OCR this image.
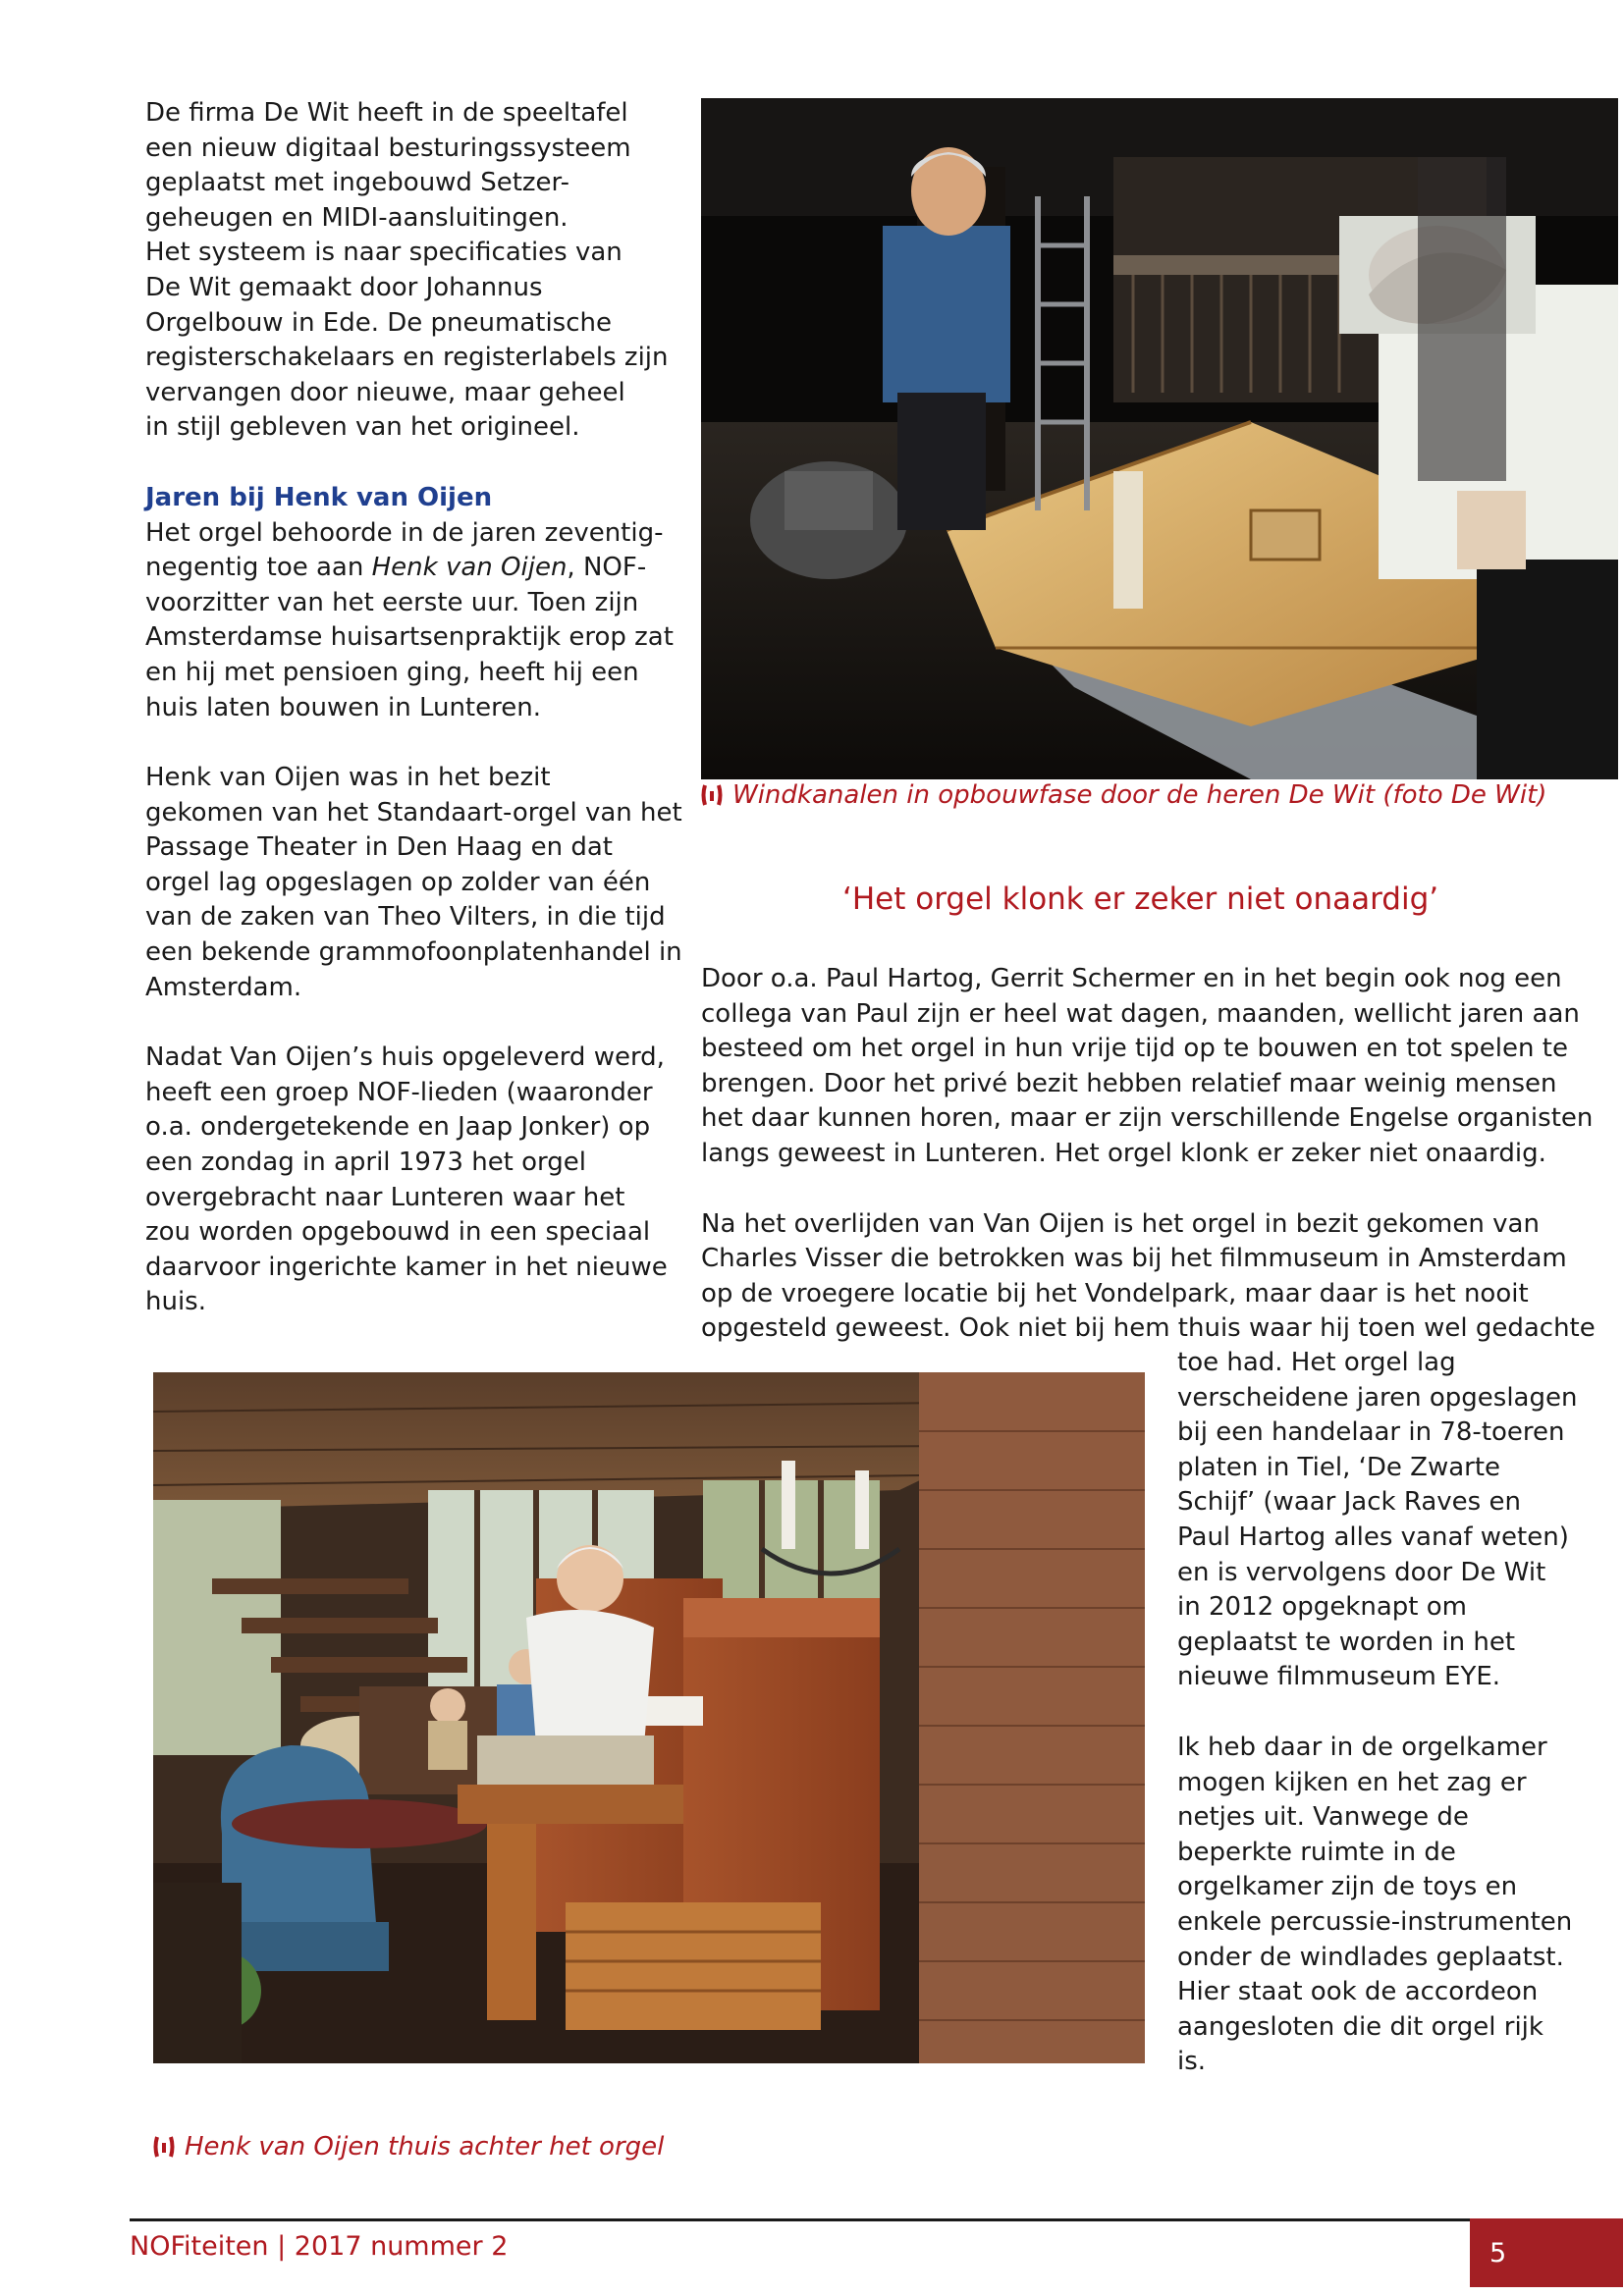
De firma De Wit heeft in de speeltafel

een nieuw digitaal besturingssysteem

geplaatst met ingebouwd Setzer-

geheugen en MIDI-aansluitingen.

Het systeem is naar specificaties van

De Wit gemaakt door Johannus

Orgelbouw in Ede. De pneumatische

registerschakelaars en registerlabels zijn

vervangen door nieuwe, maar geheel

in stijl gebleven van het origineel.

Jaren bij Henk van Oijen

Het orgel behoorde in de jaren zeventig-

negentig toe aan Henk van Oijen, NOF-

voorzitter van het eerste uur. Toen zijn

Amsterdamse huisartsenpraktijk erop zat

en hij met pensioen ging, heeft hij een

huis laten bouwen in Lunteren.

Henk van Oijen was in het bezit

gekomen van het Standaart-orgel van het

Passage Theater in Den Haag en dat

orgel lag opgeslagen op zolder van één

van de zaken van Theo Vilters, in die tijd

een bekende grammofoonplatenhandel in

Amsterdam.

Nadat Van Oijen’s huis opgeleverd werd,

heeft een groep NOF-lieden (waaronder

o.a. ondergetekende en Jaap Jonker) op

een zondag in april 1973 het orgel

overgebracht naar Lunteren waar het

zou worden opgebouwd in een speciaal

daarvoor ingerichte kamer in het nieuwe

huis.

Windkanalen in opbouwfase door de heren De Wit (foto De Wit)
‘Het orgel klonk er zeker niet onaardig’

Door o.a. Paul Hartog, Gerrit Schermer en in het begin ook nog een

collega van Paul zijn er heel wat dagen, maanden, wellicht jaren aan

besteed om het orgel in hun vrije tijd op te bouwen en tot spelen te

brengen. Door het privé bezit hebben relatief maar weinig mensen

het daar kunnen horen, maar er zijn verschillende Engelse organisten

langs geweest in Lunteren. Het orgel klonk er zeker niet onaardig.

Na het overlijden van Van Oijen is het orgel in bezit gekomen van

Charles Visser die betrokken was bij het filmmuseum in Amsterdam

op de vroegere locatie bij het Vondelpark, maar daar is het nooit

opgesteld geweest. Ook niet bij hem thuis waar hij toen wel gedachte

toe had. Het orgel lag

verscheidene jaren opgeslagen

bij een handelaar in 78-toeren

platen in Tiel, ‘De Zwarte

Schijf’ (waar Jack Raves en

Paul Hartog alles vanaf weten)

en is vervolgens door De Wit

in 2012 opgeknapt om

geplaatst te worden in het

nieuwe filmmuseum EYE.

Ik heb daar in de orgelkamer

mogen kijken en het zag er

netjes uit. Vanwege de

beperkte ruimte in de

orgelkamer zijn de toys en

enkele percussie-instrumenten

onder de windlades geplaatst.

Hier staat ook de accordeon

aangesloten die dit orgel rijk

is.

Henk van Oijen thuis achter het orgel
NOFiteiten | 2017 nummer 2	5
